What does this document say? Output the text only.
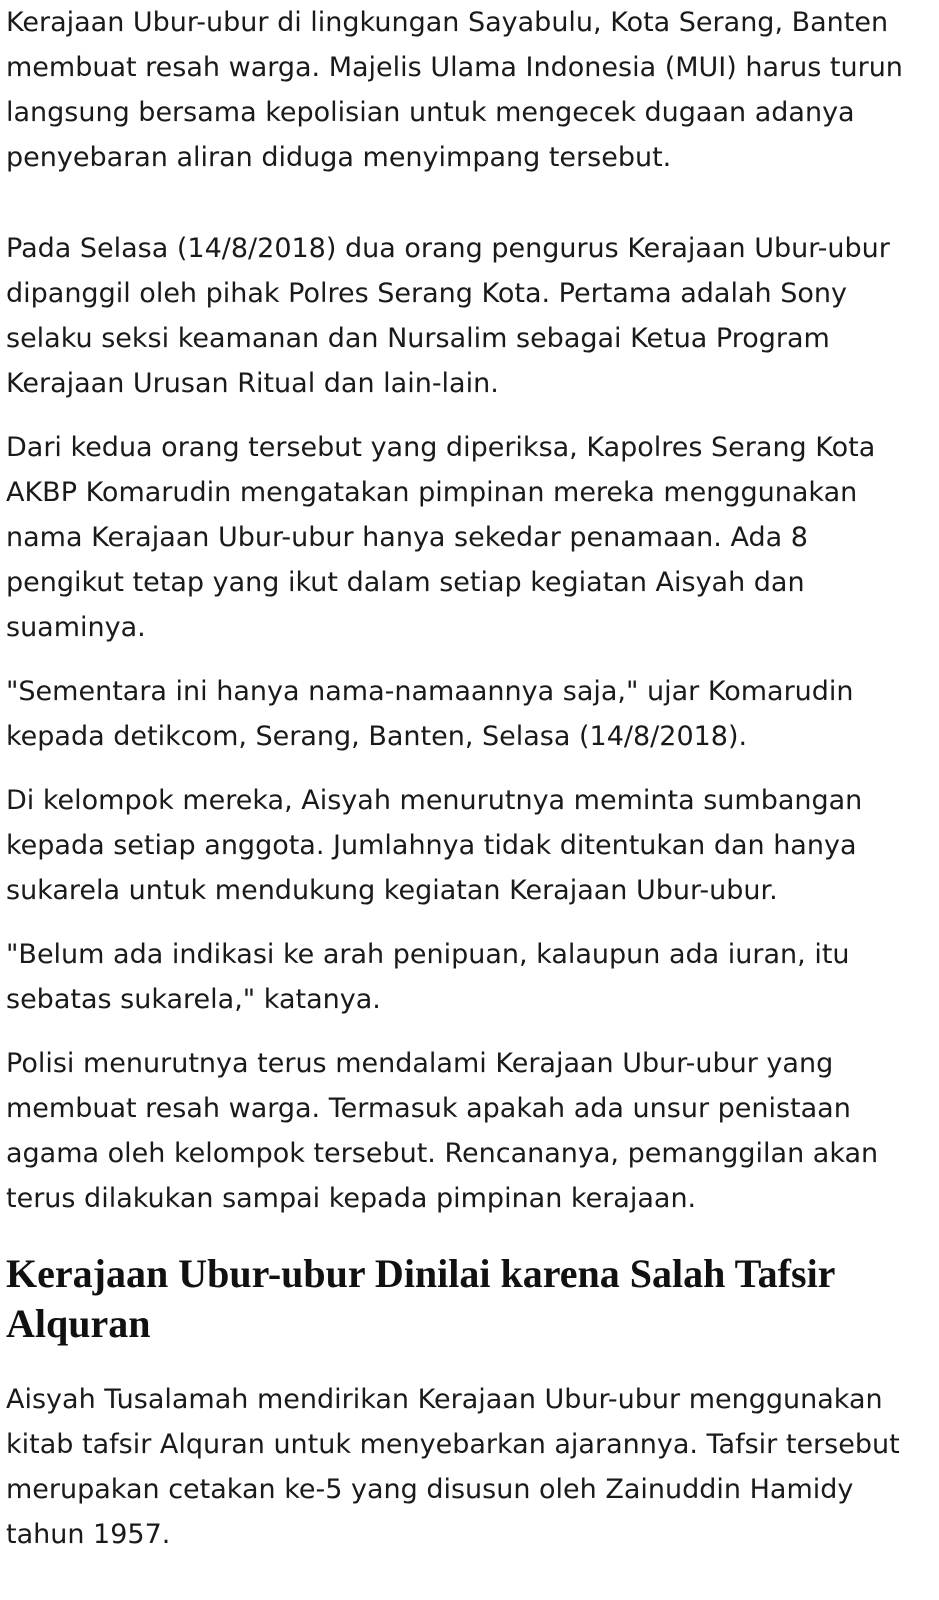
Kerajaan Ubur-ubur di lingkungan Sayabulu, Kota Serang, Banten membuat resah warga. Majelis Ulama Indonesia (MUI) harus turun langsung bersama kepolisian untuk mengecek dugaan adanya penyebaran aliran diduga menyimpang tersebut.

Pada Selasa (14/8/2018) dua orang pengurus Kerajaan Ubur-ubur dipanggil oleh pihak Polres Serang Kota. Pertama adalah Sony selaku seksi keamanan dan Nursalim sebagai Ketua Program Kerajaan Urusan Ritual dan lain-lain.

Dari kedua orang tersebut yang diperiksa, Kapolres Serang Kota AKBP Komarudin mengatakan pimpinan mereka menggunakan nama Kerajaan Ubur-ubur hanya sekedar penamaan. Ada 8 pengikut tetap yang ikut dalam setiap kegiatan Aisyah dan suaminya.

"Sementara ini hanya nama-namaannya saja," ujar Komarudin kepada detikcom, Serang, Banten, Selasa (14/8/2018).

Di kelompok mereka, Aisyah menurutnya meminta sumbangan kepada setiap anggota. Jumlahnya tidak ditentukan dan hanya sukarela untuk mendukung kegiatan Kerajaan Ubur-ubur.

"Belum ada indikasi ke arah penipuan, kalaupun ada iuran, itu sebatas sukarela," katanya.

Polisi menurutnya terus mendalami Kerajaan Ubur-ubur yang membuat resah warga. Termasuk apakah ada unsur penistaan agama oleh kelompok tersebut. Rencananya, pemanggilan akan terus dilakukan sampai kepada pimpinan kerajaan.

Kerajaan Ubur-ubur Dinilai karena Salah Tafsir Alquran

Aisyah Tusalamah mendirikan Kerajaan Ubur-ubur menggunakan kitab tafsir Alquran untuk menyebarkan ajarannya. Tafsir tersebut merupakan cetakan ke-5 yang disusun oleh Zainuddin Hamidy tahun 1957.
